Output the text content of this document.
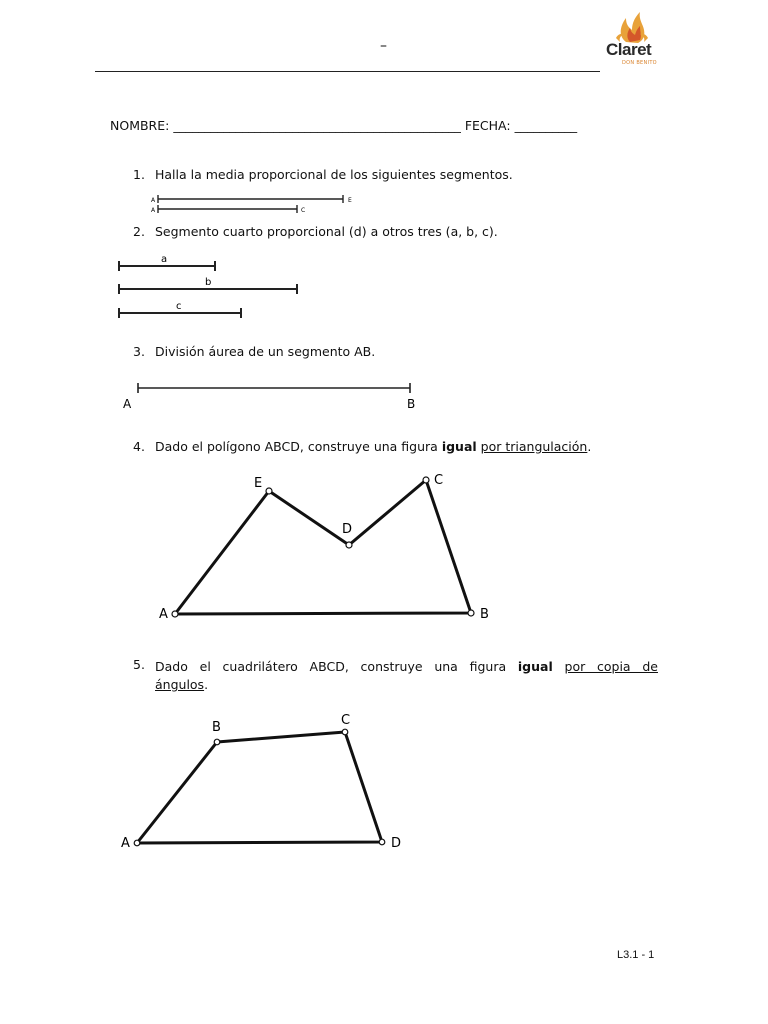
–	Claret
DON BENITO
NOMBRE: ______________________________________________ FECHA: __________
1. Halla la media proporcional de los siguientes segmentos.
A	E
A	C
2. Segmento cuarto proporcional (d) a otros tres (a, b, c).
a
b
c
3. División áurea de un segmento AB.
A	B
4. Dado el polígono ABCD, construye una figura igual por triangulación.
E	C
D
A	B
5. Dado el cuadrilátero ABCD, construye una figura igual por copia de
ángulos.
B	C
A	D
L3.1 - 1
